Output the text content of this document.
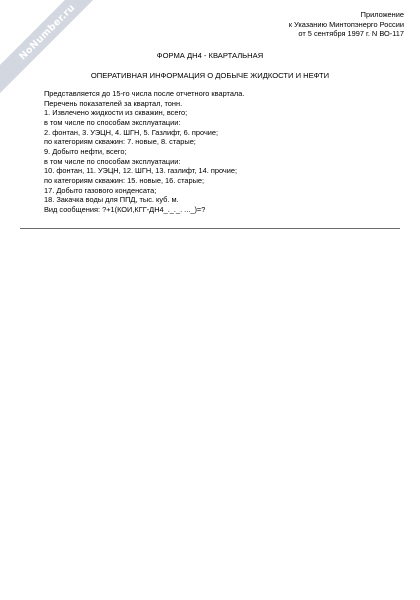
NoNumber.ru	Приложение
к Указанию Минтопэнерго России
от 5 сентября 1997 г. N ВО-117
ФОРМА ДН4 - КВАРТАЛЬНАЯ
ОПЕРАТИВНАЯ ИНФОРМАЦИЯ О ДОБЫЧЕ ЖИДКОСТИ И НЕФТИ
Представляется до 15-го числа после отчетного квартала.
Перечень показателей за квартал, тонн.
1. Извлечено жидкости из скважин, всего;
в том числе по способам эксплуатации:
2. фонтан, 3. УЭЦН, 4. ШГН, 5. Газлифт, 6. прочие;
по категориям скважин: 7. новые, 8. старые;
9. Добыто нефти, всего;
в том числе по способам эксплуатации:
10. фонтан, 11. УЭЦН, 12. ШГН, 13. газлифт, 14. прочие;
по категориям скважин: 15. новые, 16. старые;
17. Добыто газового конденсата;
18. Закачка воды для ППД, тыс. куб. м.
Вид сообщения: ?+1(КОИ,КГГ-ДН4_._._. ..._)=?
